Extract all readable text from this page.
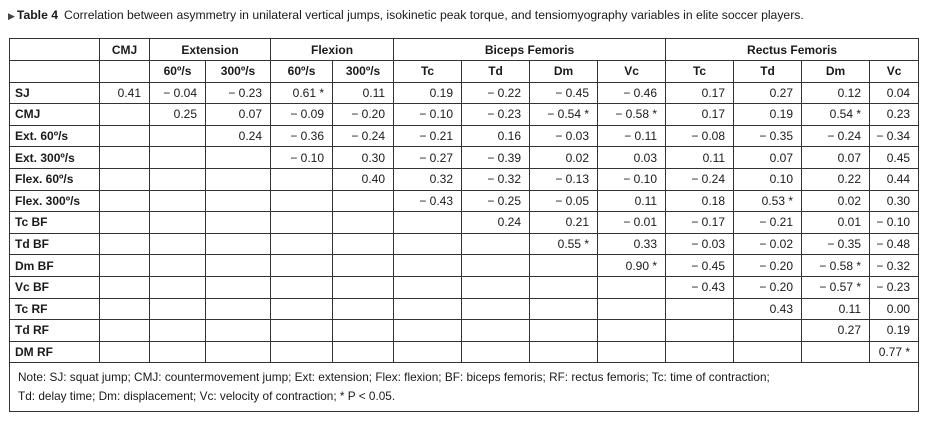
▶ Table 4 Correlation between asymmetry in unilateral vertical jumps, isokinetic peak torque, and tensiomyography variables in elite soccer players.
	CMJ	Extension		Flexion		Biceps Femoris				Rectus Femoris			
		60º/s	300º/s	60º/s	300º/s	Tc	Td	Dm	Vc	Tc	Td	Dm	Vc
SJ	0.41	− 0.04	− 0.23	0.61 *	0.11	0.19	− 0.22	− 0.45	− 0.46	0.17	0.27	0.12	0.04
CMJ		0.25	0.07	− 0.09	− 0.20	− 0.10	− 0.23	− 0.54 *	− 0.58 *	0.17	0.19	0.54 *	0.23
Ext. 60º/s			0.24	− 0.36	− 0.24	− 0.21	0.16	− 0.03	− 0.11	− 0.08	− 0.35	− 0.24	− 0.34
Ext. 300º/s				− 0.10	0.30	− 0.27	− 0.39	0.02	0.03	0.11	0.07	0.07	0.45
Flex. 60º/s					0.40	0.32	− 0.32	− 0.13	− 0.10	− 0.24	0.10	0.22	0.44
Flex. 300º/s						− 0.43	− 0.25	− 0.05	0.11	0.18	0.53 *	0.02	0.30
Tc BF							0.24	0.21	− 0.01	− 0.17	− 0.21	0.01	− 0.10
Td BF								0.55 *	0.33	− 0.03	− 0.02	− 0.35	− 0.48
Dm BF									0.90 *	− 0.45	− 0.20	− 0.58 *	− 0.32
Vc BF										− 0.43	− 0.20	− 0.57 *	− 0.23
Tc RF											0.43	0.11	0.00
Td RF												0.27	0.19
DM RF													0.77 *
Note: SJ: squat jump; CMJ: countermovement jump; Ext: extension; Flex: flexion; BF: biceps femoris; RF: rectus femoris; Tc: time of contraction;
Td: delay time; Dm: displacement; Vc: velocity of contraction; * P < 0.05.													
